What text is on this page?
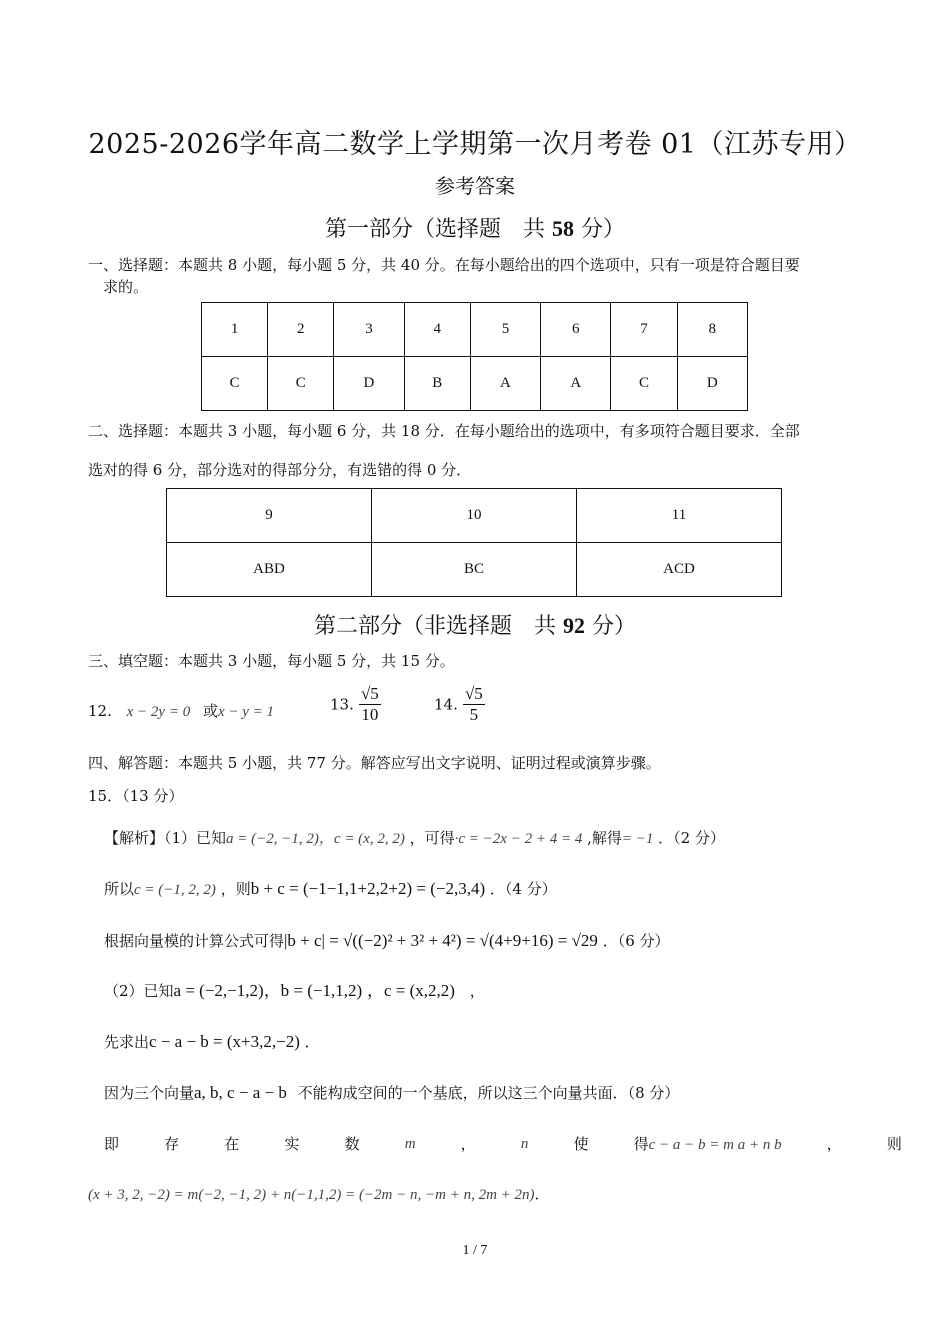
2025-2026学年高二数学上学期第一次月考卷 01（江苏专用）
参考答案
第一部分（选择题　共 58 分）
一、选择题：本题共 8 小题，每小题 5 分，共 40 分。在每小题给出的四个选项中，只有一项是符合题目要
求的。
1	2	3	4	5	6	7	8
C	C	D	B	A	A	C	D
二、选择题：本题共 3 小题，每小题 6 分，共 18 分．在每小题给出的选项中，有多项符合题目要求．全部
选对的得 6 分，部分选对的得部分分，有选错的得 0 分．
9	10	11
ABD	BC	ACD
第二部分（非选择题　共 92 分）
三、填空题：本题共 3 小题，每小题 5 分，共 15 分。
12. x − 2y = 0 或x − y = 1	13. $\frac{√5}{10}$	14. $\frac{√5}{5}$
四、解答题：本题共 5 小题，共 77 分。解答应写出文字说明、证明过程或演算步骤。
15．（13 分）
【解析】（1）已知a = (−2, −1, 2)，c = (x, 2, 2) ，可得·c = −2x − 2 + 4 = 4 ,解得= −1 ．（2 分）
所以c = (−1, 2, 2) ，则b + c = (−1−1,1+2,2+2) = (−2,3,4) ．（4 分）
根据向量模的计算公式可得|b + c| = √((−2)² + 3² + 4²) = √(4+9+16) = √29 ．（6 分）
（2）已知a = (−2,−1,2)，b = (−1,1,2) ，c = (x,2,2) ，
先求出c − a − b = (x+3,2,−2) ．
因为三个向量a, b, c − a − b 不能构成空间的一个基底，所以这三个向量共面．（8 分）
即	存	在	实	数	m	，	n	使	得c − a − b = m a + n b	，	则
(x + 3, 2, −2) = m(−2, −1, 2) + n(−1,1,2) = (−2m − n, −m + n, 2m + 2n)．
1 / 7
